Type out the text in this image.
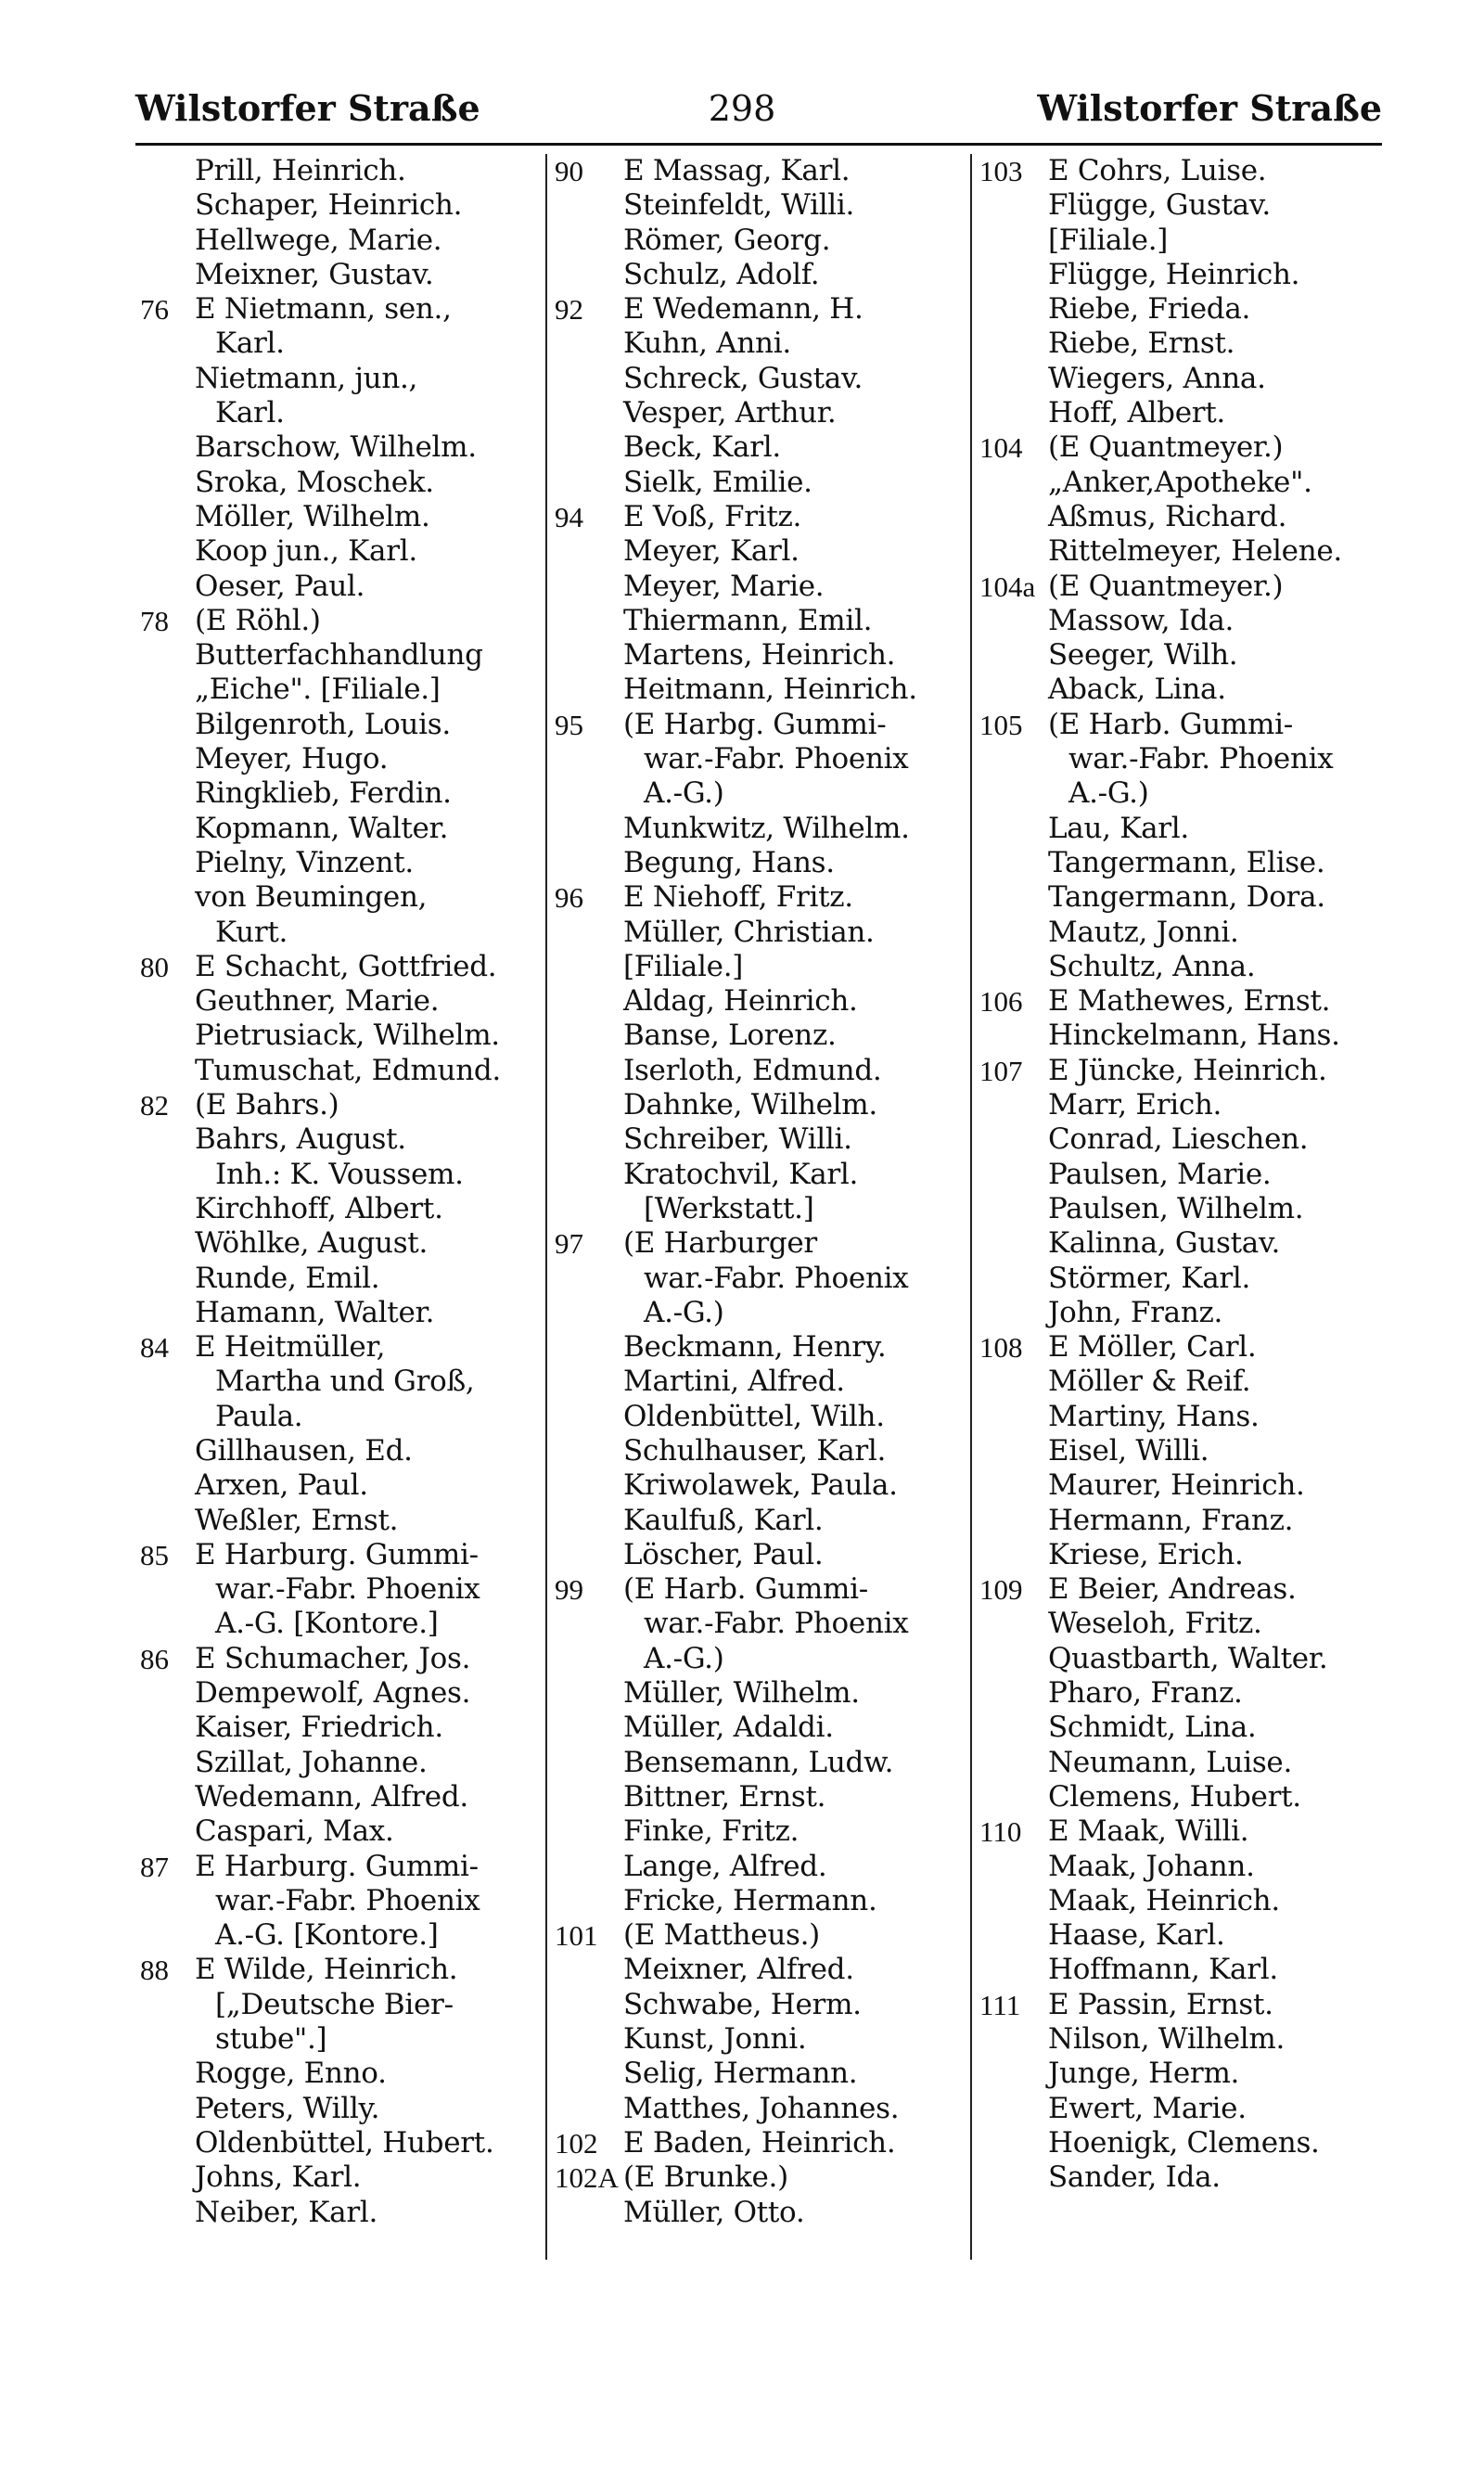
298
Wilstorfer Straße	Wilstorfer Straße
Prill, Heinrich.
Schaper, Heinrich.
Hellwege, Marie.
Meixner, Gustav.
76 E Nietmann, sen.,
Karl.
Nietmann, jun.,
Karl.
Barschow, Wilhelm.
Sroka, Moschek.
Möller, Wilhelm.
Koop jun., Karl.
Oeser, Paul.
78 (E Röhl.)
Butterfachhandlung
„Eiche". [Filiale.]
Bilgenroth, Louis.
Meyer, Hugo.
Ringklieb, Ferdin.
Kopmann, Walter.
Pielny, Vinzent.
von Beumingen,
Kurt.
80 E Schacht, Gottfried.
Geuthner, Marie.
Pietrusiack, Wilhelm.
Tumuschat, Edmund.
82 (E Bahrs.)
Bahrs, August.
Inh.: K. Voussem.
Kirchhoff, Albert.
Wöhlke, August.
Runde, Emil.
Hamann, Walter.
84 E Heitmüller,
Martha und Groß,
Paula.
Gillhausen, Ed.
Arxen, Paul.
Weßler, Ernst.
85 E Harburg. Gummi-
war.-Fabr. Phoenix
A.-G. [Kontore.]
86 E Schumacher, Jos.
Dempewolf, Agnes.
Kaiser, Friedrich.
Szillat, Johanne.
Wedemann, Alfred.
Caspari, Max.
87 E Harburg. Gummi-
war.-Fabr. Phoenix
A.-G. [Kontore.]
88 E Wilde, Heinrich.
[„Deutsche Bier-
stube".]
Rogge, Enno.
Peters, Willy.
Oldenbüttel, Hubert.
Johns, Karl.
Neiber, Karl.
90	E Massag, Karl.
Steinfeldt, Willi.
Römer, Georg.
Schulz, Adolf.
92	E Wedemann, H.
Kuhn, Anni.
Schreck, Gustav.
Vesper, Arthur.
Beck, Karl.
Sielk, Emilie.
94	E Voß, Fritz.
Meyer, Karl.
Meyer, Marie.
Thiermann, Emil.
Martens, Heinrich.
Heitmann, Heinrich.
95	(E Harbg. Gummi-
war.-Fabr. Phoenix
A.-G.)
Munkwitz, Wilhelm.
Begung, Hans.
96	E Niehoff, Fritz.
Müller, Christian.
[Filiale.]
Aldag, Heinrich.
Banse, Lorenz.
Iserloth, Edmund.
Dahnke, Wilhelm.
Schreiber, Willi.
Kratochvil, Karl.
[Werkstatt.]
97	(E Harburger
war.-Fabr. Phoenix
A.-G.)
Beckmann, Henry.
Martini, Alfred.
Oldenbüttel, Wilh.
Schulhauser, Karl.
Kriwolawek, Paula.
Kaulfuß, Karl.
Löscher, Paul.
99	(E Harb. Gummi-
war.-Fabr. Phoenix
A.-G.)
Müller, Wilhelm.
Müller, Adaldi.
Bensemann, Ludw.
Bittner, Ernst.
Finke, Fritz.
Lange, Alfred.
Fricke, Hermann.
101 (E Mattheus.)
Meixner, Alfred.
Schwabe, Herm.
Kunst, Jonni.
Selig, Hermann.
Matthes, Johannes.
102 E Baden, Heinrich.
102A (E Brunke.)
Müller, Otto.
103 E Cohrs, Luise.
Flügge, Gustav.
[Filiale.]
Flügge, Heinrich.
Riebe, Frieda.
Riebe, Ernst.
Wiegers, Anna.
Hoff, Albert.
104 (E Quantmeyer.)
„Anker,Apotheke".
Aßmus, Richard.
Rittelmeyer, Helene.
104a (E Quantmeyer.)
Massow, Ida.
Seeger, Wilh.
Aback, Lina.
105 (E Harb. Gummi-
war.-Fabr. Phoenix
A.-G.)
Lau, Karl.
Tangermann, Elise.
Tangermann, Dora.
Mautz, Jonni.
Schultz, Anna.
106 E Mathewes, Ernst.
Hinckelmann, Hans.
107 E Jüncke, Heinrich.
Marr, Erich.
Conrad, Lieschen.
Paulsen, Marie.
Paulsen, Wilhelm.
Kalinna, Gustav.
Störmer, Karl.
John, Franz.
108 E Möller, Carl.
Möller & Reif.
Martiny, Hans.
Eisel, Willi.
Maurer, Heinrich.
Hermann, Franz.
Kriese, Erich.
109 E Beier, Andreas.
Weseloh, Fritz.
Quastbarth, Walter.
Pharo, Franz.
Schmidt, Lina.
Neumann, Luise.
Clemens, Hubert.
110 E Maak, Willi.
Maak, Johann.
Maak, Heinrich.
Haase, Karl.
Hoffmann, Karl.
111 E Passin, Ernst.
Nilson, Wilhelm.
Junge, Herm.
Ewert, Marie.
Hoenigk, Clemens.
Sander, Ida.
